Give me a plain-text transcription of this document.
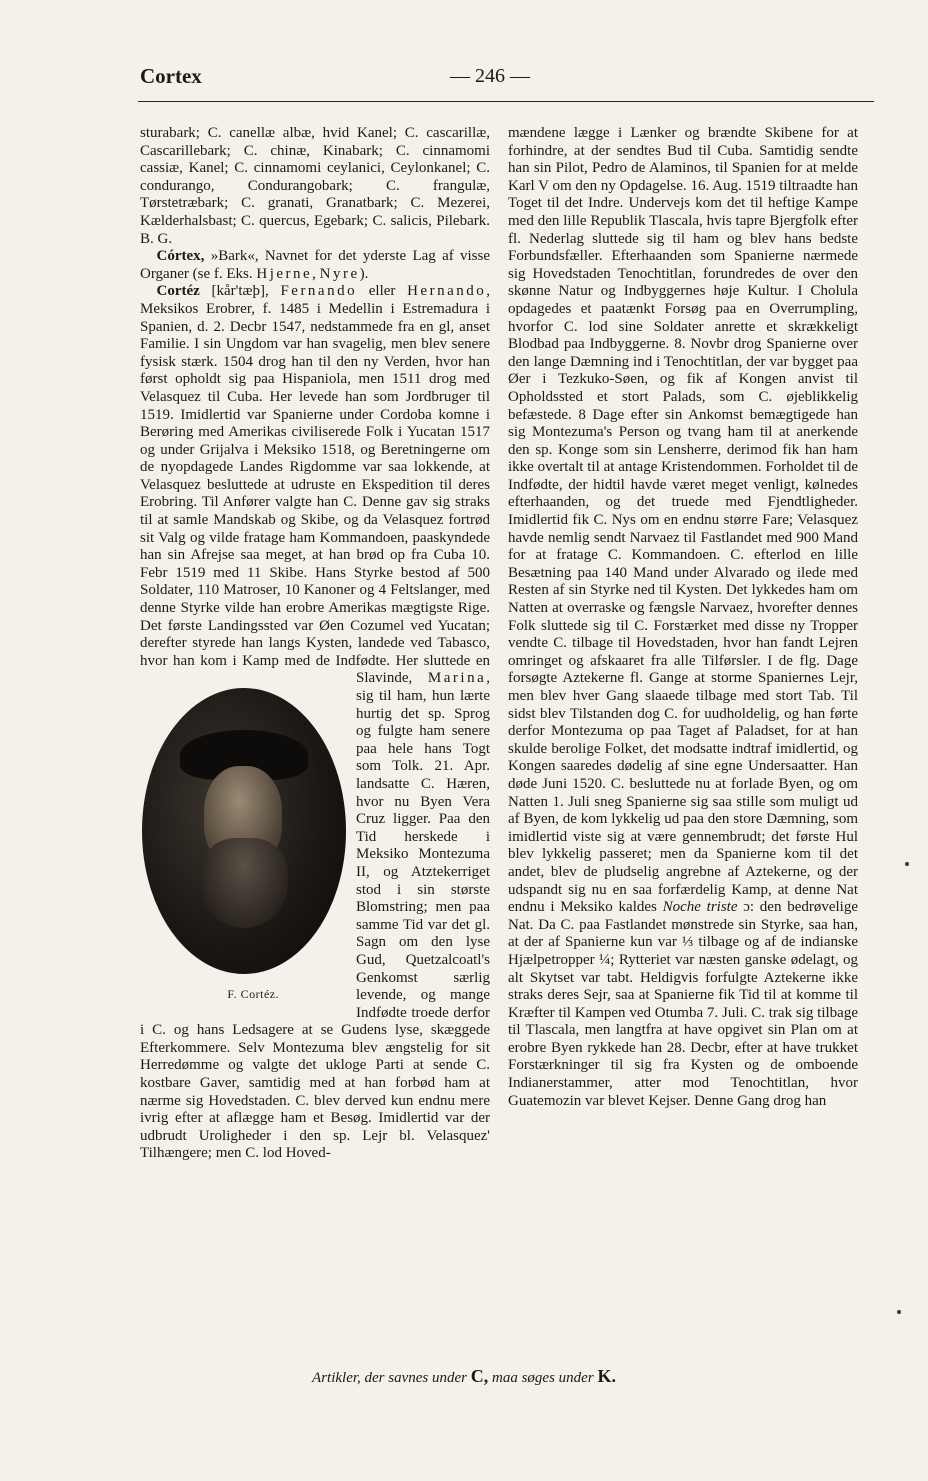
Cortex	— 246 —

sturabark; C. canellæ albæ, hvid Kanel; C. cascarillæ, Cascarillebark; C. chinæ, Kinabark; C. cinnamomi cassiæ, Kanel; C. cinnamomi ceylanici, Ceylonkanel; C. condurango, Condurangobark; C. frangulæ, Tørstetræbark; C. granati, Granatbark; C. Mezerei, Kælderhalsbast; C. quercus, Egebark; C. salicis, Pilebark. B. G.

Córtex, »Bark«, Navnet for det yderste Lag af visse Organer (se f. Eks. Hjerne, Nyre).

Cortéz [kår'tæþ], Fernando eller Hernando, Meksikos Erobrer, f. 1485 i Medellin i Estremadura i Spanien, d. 2. Decbr 1547, nedstammede fra en gl, anset Familie. I sin Ungdom var han svagelig, men blev senere fysisk stærk. 1504 drog han til den ny Verden, hvor han først opholdt sig paa Hispaniola, men 1511 drog med Velasquez til Cuba. Her levede han som Jordbruger til 1519. Imidlertid var Spanierne under Cordoba komne i Berøring med Amerikas civiliserede Folk i Yucatan 1517 og under Grijalva i Meksiko 1518, og Beretningerne om de nyopdagede Landes Rigdomme var saa lokkende, at Velasquez besluttede at udruste en Ekspedition til deres Erobring. Til Anfører valgte han C. Denne gav sig straks til at samle Mandskab og Skibe, og da Velasquez fortrød sit Valg og vilde fratage ham Kommandoen, paaskyndede han sin Afrejse saa meget, at han brød op fra Cuba 10. Febr 1519 med 11 Skibe. Hans Styrke bestod af 500 Soldater, 110 Matroser, 10 Kanoner og 4 Feltslanger, med denne Styrke vilde han erobre Amerikas mægtigste Rige. Det første Landingssted var Øen Cozumel ved Yucatan; derefter styrede han langs Kysten, landede ved Tabasco, hvor han kom i Kamp med de Indfødte. Her sluttede en Slavinde,
F. Cortéz.
Marina, sig til ham, hun lærte hurtig det sp. Sprog og fulgte ham senere paa hele hans Togt som Tolk. 21. Apr. landsatte C. Hæren, hvor nu Byen Vera Cruz ligger. Paa den Tid herskede i Meksiko Montezuma II, og Atztekerriget stod i sin største Blomstring; men paa samme Tid var det gl. Sagn om den lyse Gud, Quetzalcoatl's Genkomst særlig levende, og mange Indfødte troede derfor i C. og hans Ledsagere at se Gudens lyse, skæggede Efterkommere. Selv Montezuma blev ængstelig for sit Herredømme og valgte det ukloge Parti at sende C. kostbare Gaver, samtidig med at han forbød ham at nærme sig Hovedstaden. C. blev derved kun endnu mere ivrig efter at aflægge ham et Besøg. Imidlertid var der udbrudt Uroligheder i den sp. Lejr bl. Velasquez' Tilhængere; men C. lod Hoved-

mændene lægge i Lænker og brændte Skibene for at forhindre, at der sendtes Bud til Cuba. Samtidig sendte han sin Pilot, Pedro de Alaminos, til Spanien for at melde Karl V om den ny Opdagelse. 16. Aug. 1519 tiltraadte han Toget til det Indre. Undervejs kom det til heftige Kampe med den lille Republik Tlascala, hvis tapre Bjergfolk efter fl. Nederlag sluttede sig til ham og blev hans bedste Forbundsfæller. Efterhaanden som Spanierne nærmede sig Hovedstaden Tenochtitlan, forundredes de over den skønne Natur og Indbyggernes høje Kultur. I Cholula opdagedes et paatænkt Forsøg paa en Overrumpling, hvorfor C. lod sine Soldater anrette et skrækkeligt Blodbad paa Indbyggerne. 8. Novbr drog Spanierne over den lange Dæmning ind i Tenochtitlan, der var bygget paa Øer i Tezkuko-Søen, og fik af Kongen anvist til Opholdssted et stort Palads, som C. øjeblikkelig befæstede. 8 Dage efter sin Ankomst bemægtigede han sig Montezuma's Person og tvang ham til at anerkende den sp. Konge som sin Lensherre, derimod fik han ham ikke overtalt til at antage Kristendommen. Forholdet til de Indfødte, der hidtil havde været meget venligt, kølnedes efterhaanden, og det truede med Fjendtligheder. Imidlertid fik C. Nys om en endnu større Fare; Velasquez havde nemlig sendt Narvaez til Fastlandet med 900 Mand for at fratage C. Kommandoen. C. efterlod en lille Besætning paa 140 Mand under Alvarado og ilede med Resten af sin Styrke ned til Kysten. Det lykkedes ham om Natten at overraske og fængsle Narvaez, hvorefter dennes Folk sluttede sig til C. Forstærket med disse ny Tropper vendte C. tilbage til Hovedstaden, hvor han fandt Lejren omringet og afskaaret fra alle Tilførsler. I de flg. Dage forsøgte Aztekerne fl. Gange at storme Spaniernes Lejr, men blev hver Gang slaaede tilbage med stort Tab. Til sidst blev Tilstanden dog C. for uudholdelig, og han førte derfor Montezuma op paa Taget af Paladset, for at han skulde berolige Folket, det modsatte indtraf imidlertid, og Kongen saaredes dødelig af sine egne Undersaatter. Han døde Juni 1520. C. besluttede nu at forlade Byen, og om Natten 1. Juli sneg Spanierne sig saa stille som muligt ud af Byen, de kom lykkelig ud paa den store Dæmning, som imidlertid viste sig at være gennembrudt; det første Hul blev lykkelig passeret; men da Spanierne kom til det andet, blev de pludselig angrebne af Aztekerne, og der udspandt sig nu en saa forfærdelig Kamp, at denne Nat endnu i Meksiko kaldes Noche triste ɔ: den bedrøvelige Nat. Da C. paa Fastlandet mønstrede sin Styrke, saa han, at der af Spanierne kun var ⅓ tilbage og af de indianske Hjælpetropper ¼; Rytteriet var næsten ganske ødelagt, og alt Skytset var tabt. Heldigvis forfulgte Aztekerne ikke straks deres Sejr, saa at Spanierne fik Tid til at komme til Kræfter til Kampen ved Otumba 7. Juli. C. trak sig tilbage til Tlascala, men langtfra at have opgivet sin Plan om at erobre Byen rykkede han 28. Decbr, efter at have trukket Forstærkninger til sig fra Kysten og de omboende Indianerstammer, atter mod Tenochtitlan, hvor Guatemozin var blevet Kejser. Denne Gang drog han

Artikler, der savnes under C, maa søges under K.
